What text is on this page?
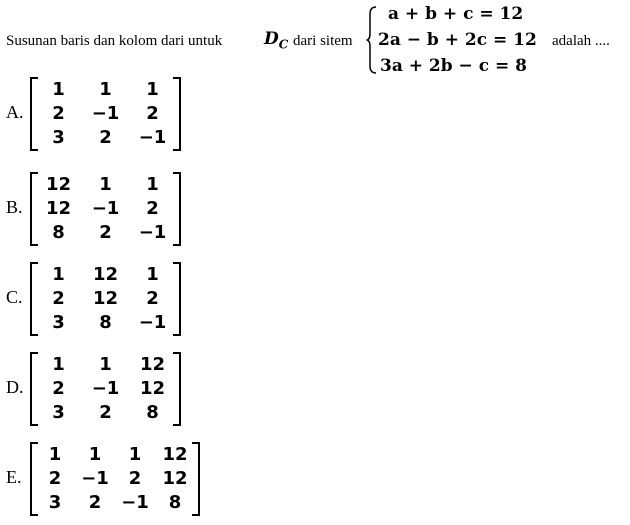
Susunan baris dan kolom dari untuk $D_C$ dari sitem
a + b + c = 12
2a − b + 2c = 12
3a + 2b − c = 8
adalah ....
A.
1	1	1
2	−1	2
3	2	−1
B.
12	1	1
12	−1	2
8	2	−1
C.
1	12	1
2	12	2
3	8	−1
D.
1	1	12
2	−1	12
3	2	8
E.
1	1	1	12
2	−1	2	12
3	2	−1	8
